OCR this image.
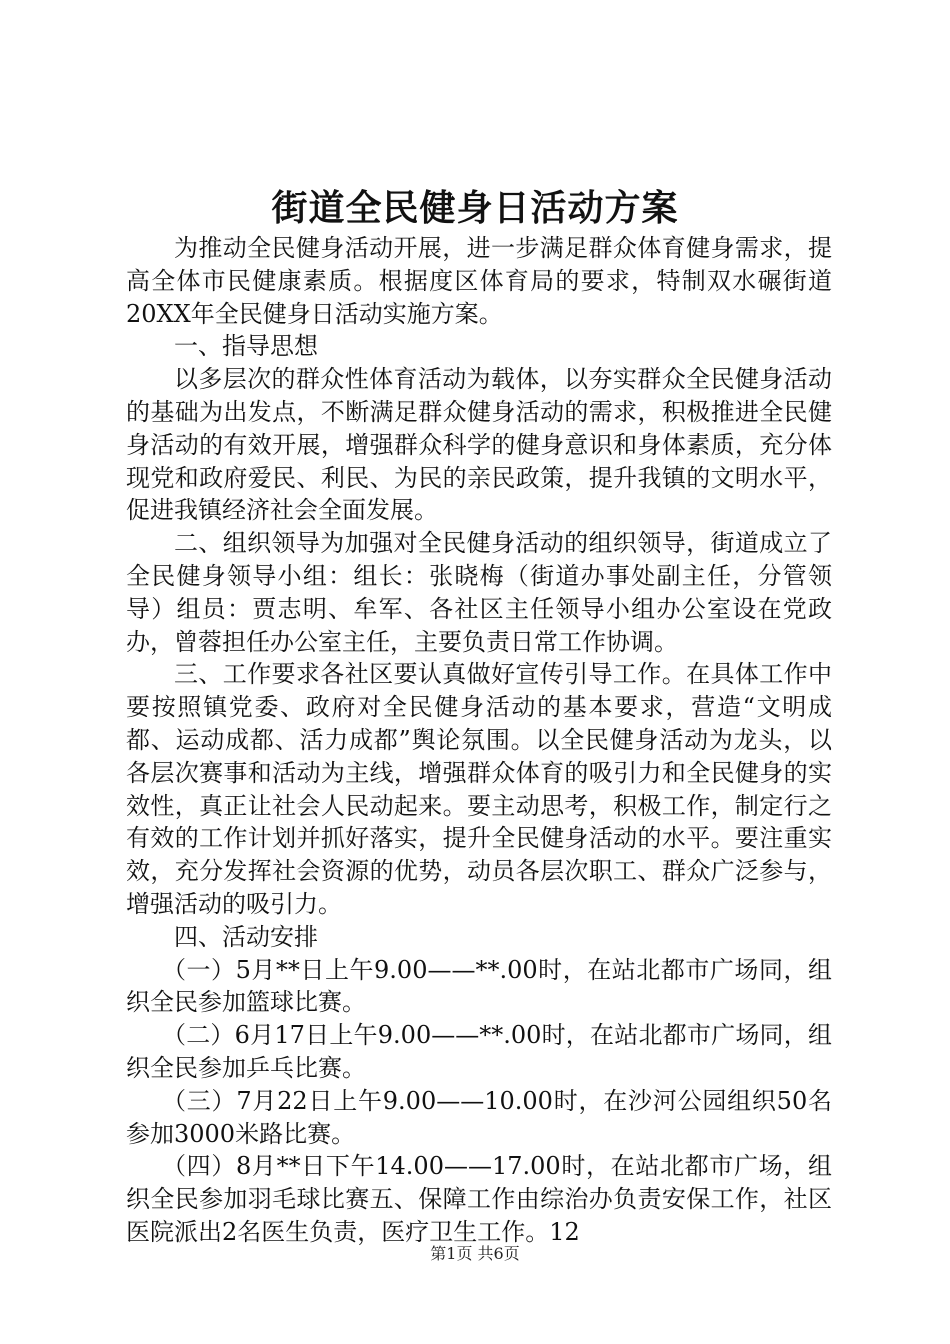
街道全民健身日活动方案

为推动全民健身活动开展，进一步满足群众体育健身需求，提高全体市民健康素质。根据度区体育局的要求，特制双水碾街道20XX年全民健身日活动实施方案。

一、指导思想

以多层次的群众性体育活动为载体，以夯实群众全民健身活动的基础为出发点，不断满足群众健身活动的需求，积极推进全民健身活动的有效开展，增强群众科学的健身意识和身体素质，充分体现党和政府爱民、利民、为民的亲民政策，提升我镇的文明水平，促进我镇经济社会全面发展。

二、组织领导为加强对全民健身活动的组织领导，街道成立了全民健身领导小组：组长：张晓梅（街道办事处副主任，分管领导）组员：贾志明、牟军、各社区主任领导小组办公室设在党政办，曾蓉担任办公室主任，主要负责日常工作协调。

三、工作要求各社区要认真做好宣传引导工作。在具体工作中要按照镇党委、政府对全民健身活动的基本要求，营造“文明成都、运动成都、活力成都”舆论氛围。以全民健身活动为龙头，以各层次赛事和活动为主线，增强群众体育的吸引力和全民健身的实效性，真正让社会人民动起来。要主动思考，积极工作，制定行之有效的工作计划并抓好落实，提升全民健身活动的水平。要注重实效，充分发挥社会资源的优势，动员各层次职工、群众广泛参与，增强活动的吸引力。

四、活动安排

（一）5月**日上午9.00——**.00时，在站北都市广场同，组织全民参加篮球比赛。

（二）6月17日上午9.00——**.00时，在站北都市广场同，组织全民参加乒乓比赛。

（三）7月22日上午9.00——10.00时，在沙河公园组织50名参加3000米路比赛。

（四）8月**日下午14.00——17.00时，在站北都市广场，组织全民参加羽毛球比赛五、保障工作由综治办负责安保工作，社区医院派出2名医生负责，医疗卫生工作。12

第1页 共6页
